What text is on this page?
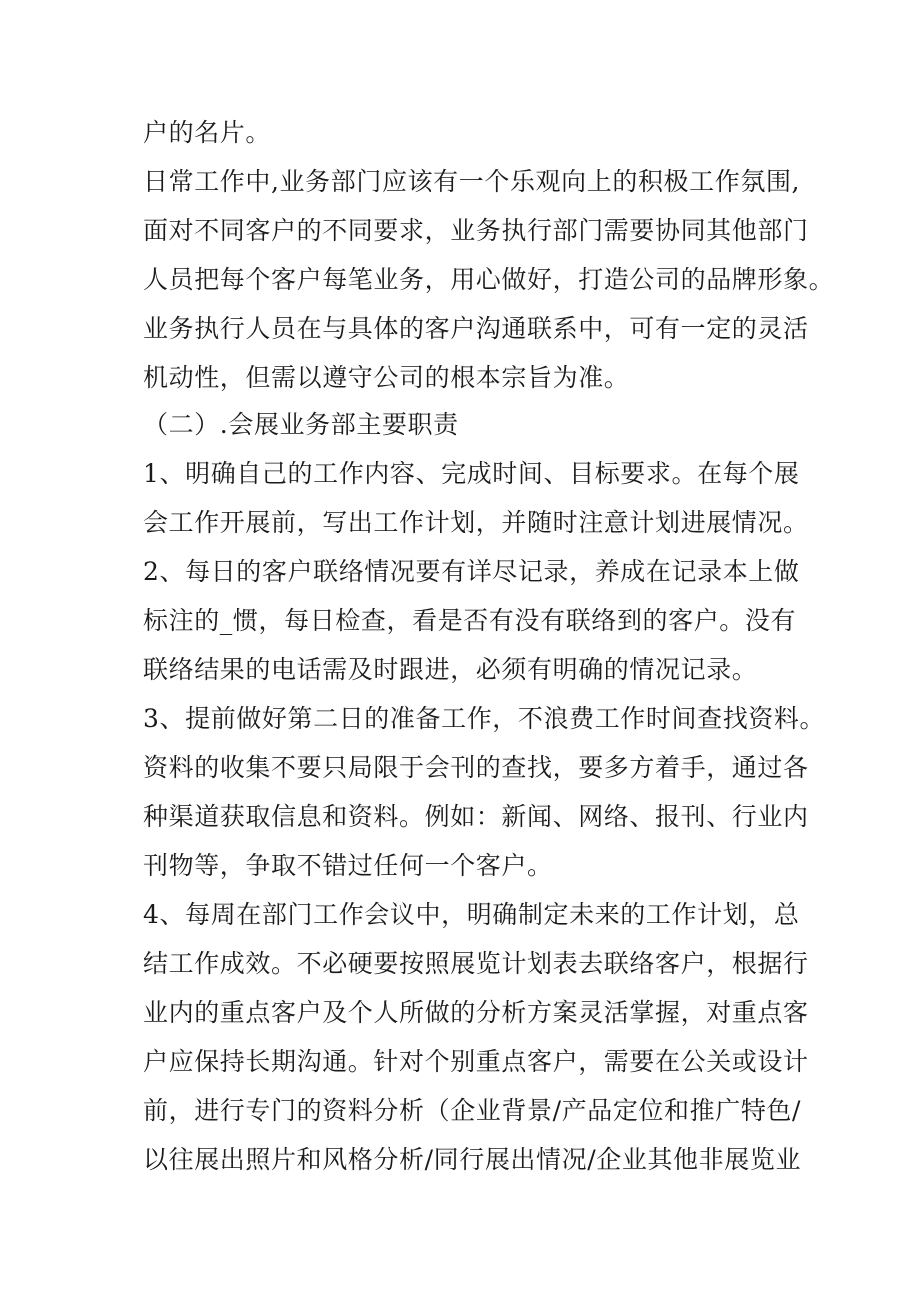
户的名片。
日常工作中,业务部门应该有一个乐观向上的积极工作氛围,
面对不同客户的不同要求，业务执行部门需要协同其他部门
人员把每个客户每笔业务，用心做好，打造公司的品牌形象。
业务执行人员在与具体的客户沟通联系中，可有一定的灵活
机动性，但需以遵守公司的根本宗旨为准。
（二）.会展业务部主要职责
1、明确自己的工作内容、完成时间、目标要求。在每个展
会工作开展前，写出工作计划，并随时注意计划进展情况。
2、每日的客户联络情况要有详尽记录，养成在记录本上做
标注的_惯，每日检查，看是否有没有联络到的客户。没有
联络结果的电话需及时跟进，必须有明确的情况记录。
3、提前做好第二日的准备工作，不浪费工作时间查找资料。
资料的收集不要只局限于会刊的查找，要多方着手，通过各
种渠道获取信息和资料。例如：新闻、网络、报刊、行业内
刊物等，争取不错过任何一个客户。
4、每周在部门工作会议中，明确制定未来的工作计划，总
结工作成效。不必硬要按照展览计划表去联络客户，根据行
业内的重点客户及个人所做的分析方案灵活掌握，对重点客
户应保持长期沟通。针对个别重点客户，需要在公关或设计
前，进行专门的资料分析（企业背景/产品定位和推广特色/
以往展出照片和风格分析/同行展出情况/企业其他非展览业
